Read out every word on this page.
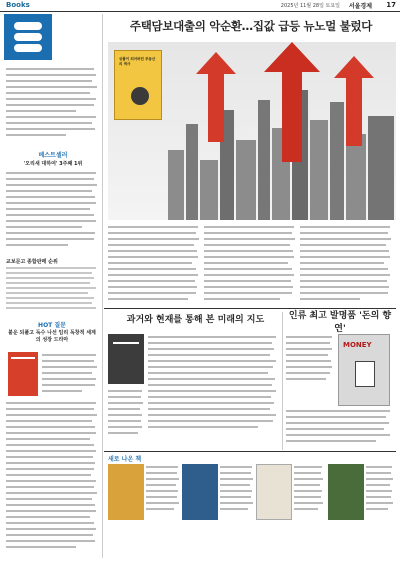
Books	서울경제
2025년 11월 28일 토요일	17
베스트셀러
'오리새 대하여' 3주째 1위
교보문고 종합판매 순위
HOT 질문
불운 되풀고 독수 나선 임리 독창적 세계의 성장 드라마
주택담보대출의 악순환…집값 급등 뉴노멀 불렀다
상품이 되어버린 부동산의 역사
과거와 현재를 통해 본 미래의 지도	인류 최고 발명품 '돈의 향연'
MONEY
새로 나온 책
